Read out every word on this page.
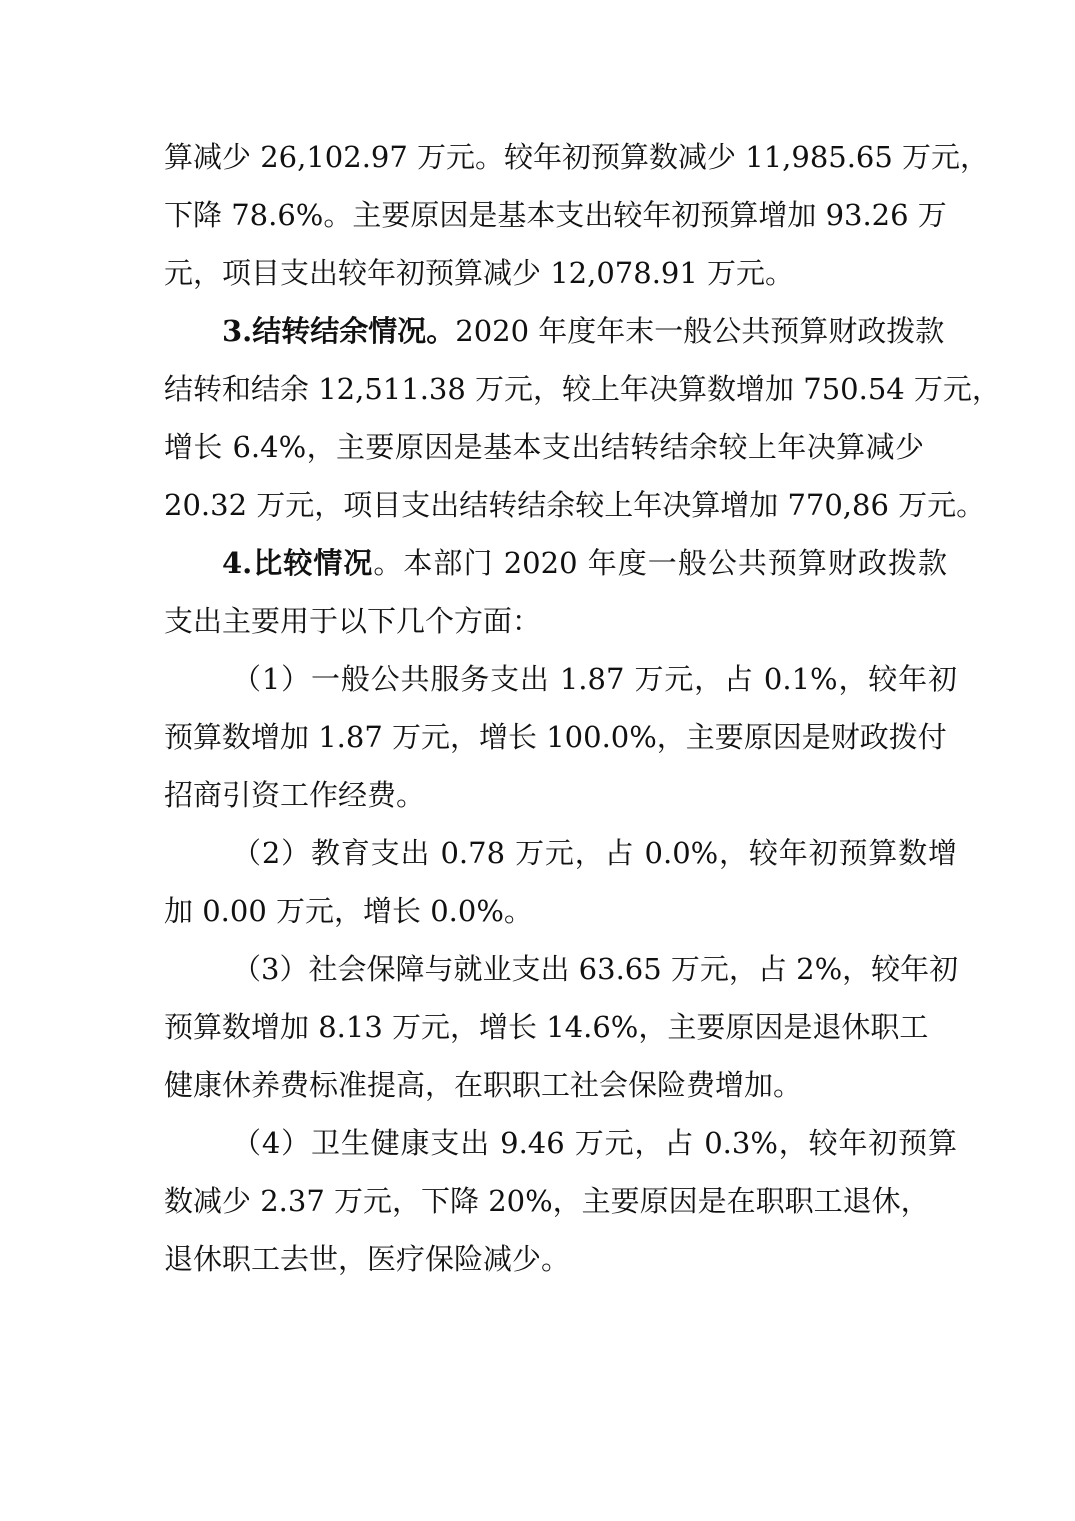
算减少 26,102.97 万元。较年初预算数减少 11,985.65 万元，
下降 78.6%。主要原因是基本支出较年初预算增加 93.26 万
元，项目支出较年初预算减少 12,078.91 万元。
3.结转结余情况。2020 年度年末一般公共预算财政拨款
结转和结余 12,511.38 万元，较上年决算数增加 750.54 万元，
增长 6.4%，主要原因是基本支出结转结余较上年决算减少
20.32 万元，项目支出结转结余较上年决算增加 770,86 万元。
4.比较情况。本部门 2020 年度一般公共预算财政拨款
支出主要用于以下几个方面：
（1）一般公共服务支出 1.87 万元，占 0.1%，较年初
预算数增加 1.87 万元，增长 100.0%，主要原因是财政拨付
招商引资工作经费。
（2）教育支出 0.78 万元，占 0.0%，较年初预算数增
加 0.00 万元，增长 0.0%。
（3）社会保障与就业支出 63.65 万元，占 2%，较年初
预算数增加 8.13 万元，增长 14.6%，主要原因是退休职工
健康休养费标准提高，在职职工社会保险费增加。
（4）卫生健康支出 9.46 万元，占 0.3%，较年初预算
数减少 2.37 万元，下降 20%，主要原因是在职职工退休，
退休职工去世，医疗保险减少。
